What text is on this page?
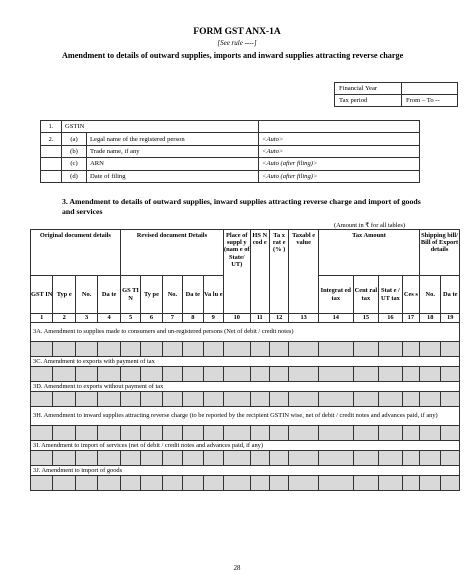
FORM GST ANX-1A
[See rule ----]
Amendment to details of outward supplies, imports and inward supplies attracting reverse charge
Financial Year	
Tax period	From – To --
1.	GSTIN		
2.	(a)	Legal name of the registered person	<Auto>
	(b)	Trade name, if any	<Auto>
	(c)	ARN	<Auto (after filing)>
	(d)	Date of filing	<Auto (after filing)>
3. Amendment to details of outward supplies, inward supplies attracting reverse charge and import of goods and services
(Amount in ₹ for all tables)
Original document details				Revised document Details					Place of suppl y (nam e of State/ UT)	HS N cod e	Ta x rat e (% )	Taxabl e value	Tax Amount				Shipping bill/ Bill of Export details	
GST IN	Typ e	No.	Da te	GS TI N	Ty pe	No.	Da te	Va lu e					Integrat ed tax	Cent ral tax	Stat e / UT tax	Ces s	No.	Da te
1	2	3	4	5	6	7	8	9	10	11	12	13	14	15	16	17	18	19
3A. Amendment to supplies made to consumers and un-registered persons (Net of debit / credit notes)																		

3C. Amendment to exports with payment of tax																		

3D. Amendment to exports without payment of tax																		

3H. Amendment to inward supplies attracting reverse charge (to be reported by the recipient GSTIN wise, net of debit / credit notes and advances paid, if any)																		

3I. Amendment to import of services (net of debit / credit notes and advances paid, if any)																		

3J. Amendment to import of goods																		

28
